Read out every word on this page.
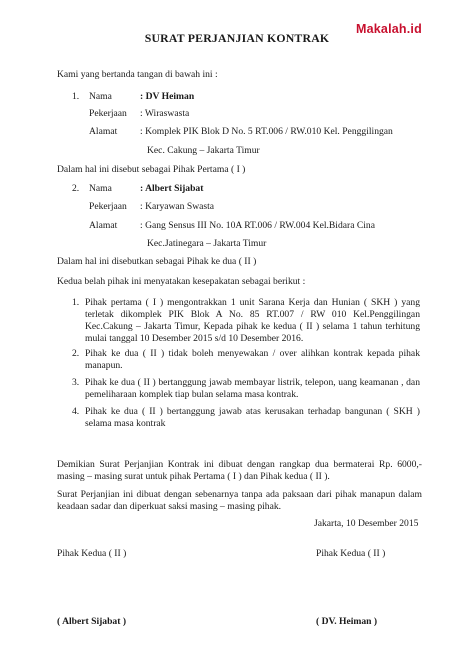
Makalah.id
SURAT PERJANJIAN KONTRAK
Kami yang bertanda tangan di bawah ini :
1. Nama	: DV Heiman
Pekerjaan : Wiraswasta
Alamat : Komplek PIK Blok D No. 5 RT.006 / RW.010 Kel. Penggilingan
Kec. Cakung – Jakarta Timur
Dalam hal ini disebut sebagai Pihak Pertama ( I )
2. Nama	: Albert Sijabat
Pekerjaan : Karyawan Swasta
Alamat : Gang Sensus III No. 10A RT.006 / RW.004 Kel.Bidara Cina
Kec.Jatinegara – Jakarta Timur
Dalam hal ini disebutkan sebagai Pihak ke dua ( II )
Kedua belah pihak ini menyatakan kesepakatan sebagai berikut :
1. Pihak pertama ( I ) mengontrakkan 1 unit Sarana Kerja dan Hunian ( SKH ) yang
terletak dikomplek PIK Blok A No. 85 RT.007 / RW 010 Kel.Penggilingan
Kec.Cakung – Jakarta Timur, Kepada pihak ke kedua ( II ) selama 1 tahun terhitung
mulai tanggal 10 Desember 2015 s/d 10 Desember 2016.
2. Pihak ke dua ( II ) tidak boleh menyewakan / over alihkan kontrak kepada pihak
manapun.
3. Pihak ke dua ( II ) bertanggung jawab membayar listrik, telepon, uang keamanan , dan
pemeliharaan komplek tiap bulan selama masa kontrak.
4. Pihak ke dua ( II ) bertanggung jawab atas kerusakan terhadap bangunan ( SKH )
selama masa kontrak
Demikian Surat Perjanjian Kontrak ini dibuat dengan rangkap dua bermaterai Rp. 6000,-
masing – masing surat untuk pihak Pertama ( I ) dan Pihak kedua ( II ).
Surat Perjanjian ini dibuat dengan sebenarnya tanpa ada paksaan dari pihak manapun dalam
keadaan sadar dan diperkuat saksi masing – masing pihak.
Jakarta, 10 Desember 2015
Pihak Kedua ( II )	Pihak Kedua ( II )
( Albert Sijabat )	( DV. Heiman )
